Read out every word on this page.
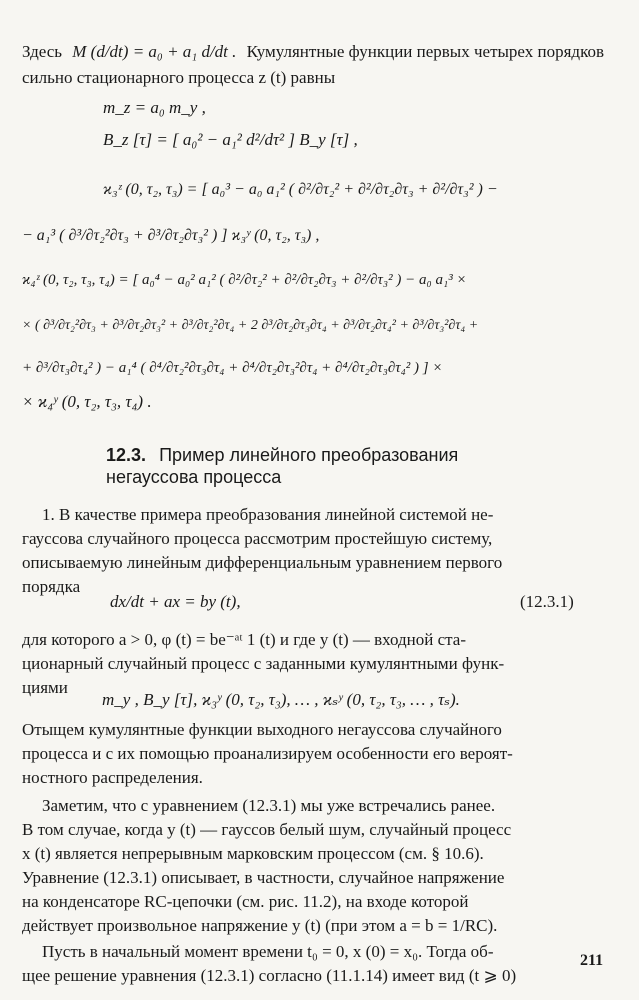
Здесь M (d/dt) = a₀ + a₁ d/dt . Кумулянтные функции первых четырех порядков
сильно стационарного процесса z (t) равны
m_z = a₀ m_y ,
B_z [τ] = [ a₀² − a₁² d²/dτ² ] B_y [τ] ,
ϰ₃ᶻ (0, τ₂, τ₃) = [ a₀³ − a₀ a₁² ( ∂²/∂τ₂² + ∂²/∂τ₂∂τ₃ + ∂²/∂τ₃² ) −
− a₁³ ( ∂³/∂τ₂²∂τ₃ + ∂³/∂τ₂∂τ₃² ) ] ϰ₃ʸ (0, τ₂, τ₃) ,
ϰ₄ᶻ (0, τ₂, τ₃, τ₄) = [ a₀⁴ − a₀² a₁² ( ∂²/∂τ₂² + ∂²/∂τ₂∂τ₃ + ∂²/∂τ₃² ) − a₀ a₁³ ×
× ( ∂³/∂τ₂²∂τ₃ + ∂³/∂τ₂∂τ₃² + ∂³/∂τ₂²∂τ₄ + 2 ∂³/∂τ₂∂τ₃∂τ₄ + ∂³/∂τ₂∂τ₄² + ∂³/∂τ₃²∂τ₄ +
+ ∂³/∂τ₃∂τ₄² ) − a₁⁴ ( ∂⁴/∂τ₂²∂τ₃∂τ₄ + ∂⁴/∂τ₂∂τ₃²∂τ₄ + ∂⁴/∂τ₂∂τ₃∂τ₄² ) ] ×
× ϰ₄ʸ (0, τ₂, τ₃, τ₄) .
12.3. Пример линейного преобразования
негауссова процесса
1. В качестве примера преобразования линейной системой не-
гауссова случайного процесса рассмотрим простейшую систему,
описываемую линейным дифференциальным уравнением первого
порядка
dx/dt + ax = by (t),	(12.3.1)
для которого a > 0, φ (t) = be⁻ᵃᵗ 1 (t) и где y (t) — входной ста-
ционарный случайный процесс с заданными кумулянтными функ-
циями
m_y , B_y [τ], ϰ₃ʸ (0, τ₂, τ₃), … , ϰₛʸ (0, τ₂, τ₃, … , τₛ).
Отыщем кумулянтные функции выходного негауссова случайного
процесса и с их помощью проанализируем особенности его вероят-
ностного распределения.
Заметим, что с уравнением (12.3.1) мы уже встречались ранее.
В том случае, когда y (t) — гауссов белый шум, случайный процесс
x (t) является непрерывным марковским процессом (см. § 10.6).
Уравнение (12.3.1) описывает, в частности, случайное напряжение
на конденсаторе RC-цепочки (см. рис. 11.2), на входе которой
действует произвольное напряжение y (t) (при этом a = b = 1/RC).
Пусть в начальный момент времени t₀ = 0, x (0) = x₀. Тогда об-
щее решение уравнения (12.3.1) согласно (11.1.14) имеет вид (t ⩾ 0)
211
